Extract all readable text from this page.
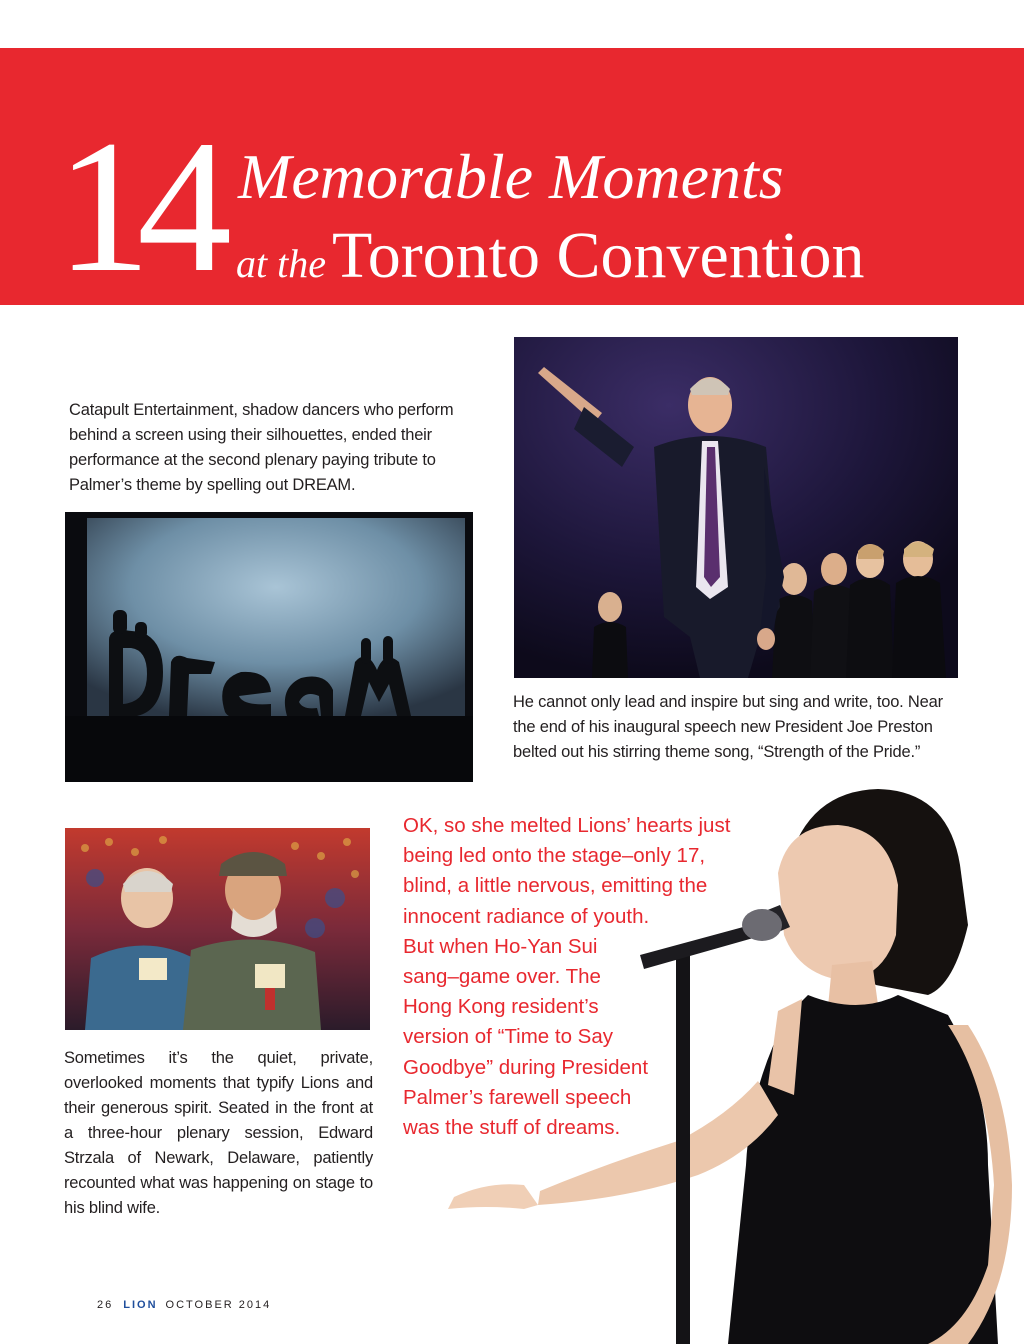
14 Memorable Moments
at theToronto Convention
Catapult Entertainment, shadow dancers who perform behind a screen using their silhouettes, ended their performance at the second plenary paying tribute to Palmer’s theme by spelling out DREAM.
He cannot only lead and inspire but sing and write, too. Near the end of his inaugural speech new President Joe Preston belted out his stirring theme song, “Strength of the Pride.”
Sometimes it’s the quiet, private, overlooked moments that typify Lions and their generous spirit. Seated in the front at a three-hour plenary session, Edward Strzala of Newark, Delaware, patiently recounted what was happening on stage to his blind wife.
OK, so she melted Lions’ hearts just
being led onto the stage–only 17,
blind, a little nervous, emitting the
innocent radiance of youth.
But when Ho-Yan Sui
sang–game over. The
Hong Kong resident’s
version of “Time to Say
Goodbye” during President
Palmer’s farewell speech
was the stuff of dreams.
26 LION OCTOBER 2014
